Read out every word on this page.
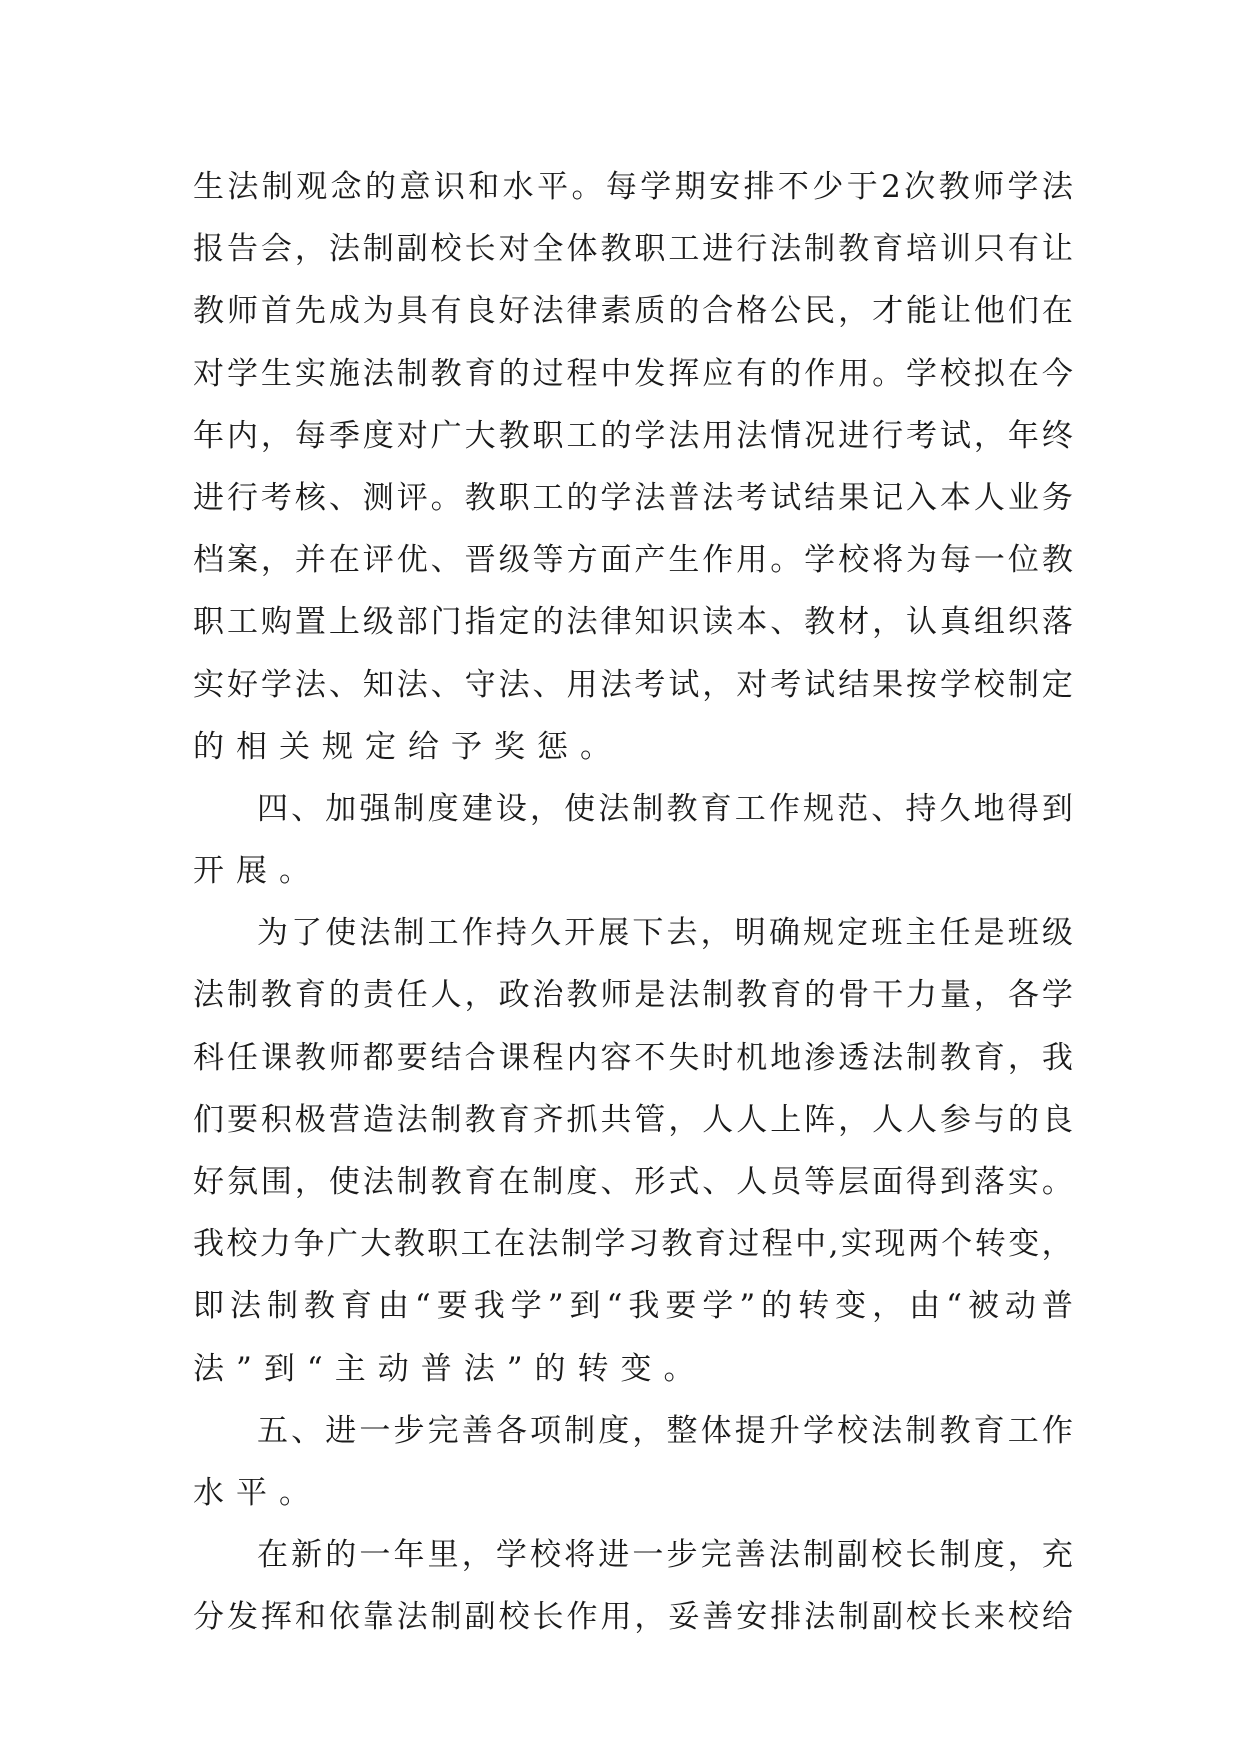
生 法 制 观 念 的 意 识 和 水 平 。 每 学 期 安 排 不 少 于 2 次 教 师 学 法
报 告 会 ， 法 制 副 校 长 对 全 体 教 职 工 进 行 法 制 教 育 培 训 只 有 让
教 师 首 先 成 为 具 有 良 好 法 律 素 质 的 合 格 公 民 ， 才 能 让 他 们 在
对 学 生 实 施 法 制 教 育 的 过 程 中 发 挥 应 有 的 作 用 。 学 校 拟 在 今
年 内 ， 每 季 度 对 广 大 教 职 工 的 学 法 用 法 情 况 进 行 考 试 ， 年 终
进 行 考 核 、 测 评 。 教 职 工 的 学 法 普 法 考 试 结 果 记 入 本 人 业 务
档 案 ， 并 在 评 优 、 晋 级 等 方 面 产 生 作 用 。 学 校 将 为 每 一 位 教
职 工 购 置 上 级 部 门 指 定 的 法 律 知 识 读 本 、 教 材 ， 认 真 组 织 落
实 好 学 法 、 知 法 、 守 法 、 用 法 考 试 ， 对 考 试 结 果 按 学 校 制 定
的相关规定给予奖惩。
四 、 加 强 制 度 建 设 ， 使 法 制 教 育 工 作 规 范 、 持 久 地 得 到
开展。
为 了 使 法 制 工 作 持 久 开 展 下 去 ， 明 确 规 定 班 主 任 是 班 级
法 制 教 育 的 责 任 人 ， 政 治 教 师 是 法 制 教 育 的 骨 干 力 量 ， 各 学
科 任 课 教 师 都 要 结 合 课 程 内 容 不 失 时 机 地 渗 透 法 制 教 育 ， 我
们 要 积 极 营 造 法 制 教 育 齐 抓 共 管 ， 人 人 上 阵 ， 人 人 参 与 的 良
好 氛 围 ， 使 法 制 教 育 在 制 度 、 形 式 、 人 员 等 层 面 得 到 落 实 。
我 校 力 争 广 大 教 职 工 在 法 制 学 习 教 育 过 程 中 , 实 现 两 个 转 变 ，
即 法 制 教 育 由 “ 要 我 学 ” 到 “ 我 要 学 ” 的 转 变 ， 由 “ 被 动 普
法”到“主动普法”的转变。
五 、 进 一 步 完 善 各 项 制 度 ， 整 体 提 升 学 校 法 制 教 育 工 作
水平。
在 新 的 一 年 里 ， 学 校 将 进 一 步 完 善 法 制 副 校 长 制 度 ， 充
分 发 挥 和 依 靠 法 制 副 校 长 作 用 ， 妥 善 安 排 法 制 副 校 长 来 校 给
